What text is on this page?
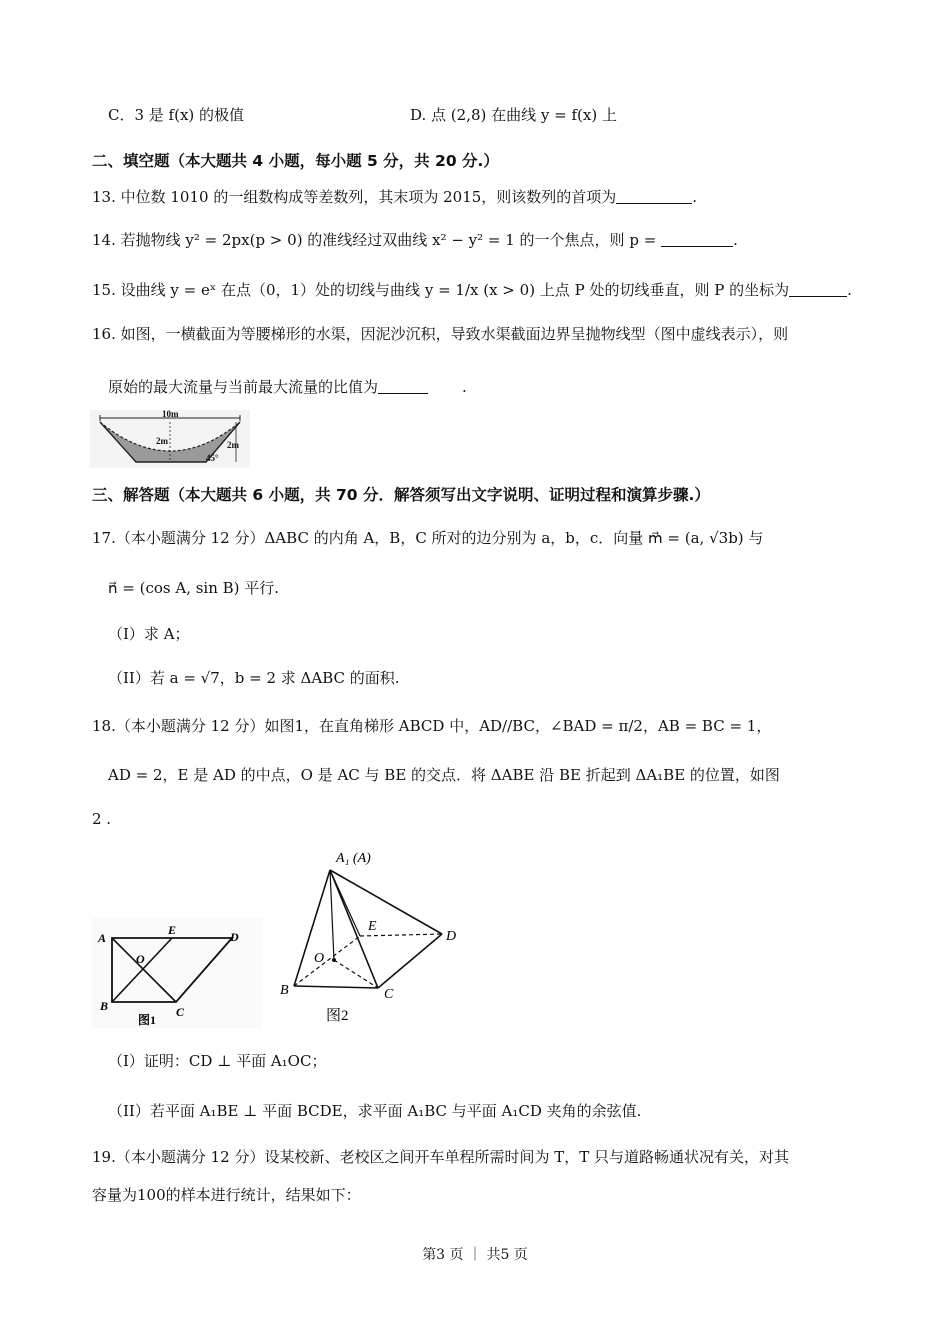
C．3 是 f(x) 的极值	D. 点 (2,8) 在曲线 y = f(x) 上
二、填空题（本大题共 4 小题，每小题 5 分，共 20 分.）
13. 中位数 1010 的一组数构成等差数列，其末项为 2015，则该数列的首项为	.
14. 若抛物线 y² = 2px(p > 0) 的准线经过双曲线 x² − y² = 1 的一个焦点，则 p =	.
15. 设曲线 y = eˣ 在点（0，1）处的切线与曲线 y = 1/x (x > 0) 上点 P 处的切线垂直，则 P 的坐标为	.
16. 如图，一横截面为等腰梯形的水渠，因泥沙沉积，导致水渠截面边界呈抛物线型（图中虚线表示），则
原始的最大流量与当前最大流量的比值为	.
10m
2m	2m
45°
三、解答题（本大题共 6 小题，共 70 分．解答须写出文字说明、证明过程和演算步骤.）
17.（本小题满分 12 分）ΔABC 的内角 A，B，C 所对的边分别为 a，b，c．向量 m⃗ = (a, √3b) 与
n⃗ = (cos A, sin B) 平行.
（I）求 A；
（II）若 a = √7，b = 2 求 ΔABC 的面积.
18.（本小题满分 12 分）如图1，在直角梯形 ABCD 中，AD//BC，∠BAD = π/2，AB = BC = 1，
AD = 2，E 是 AD 的中点，O 是 AC 与 BE 的交点．将 ΔABE 沿 BE 折起到 ΔA₁BE 的位置，如图
2 .
A
E	D
O
B	C
图1
A₁ (A)
E
D
O
B	C
图2
（I）证明：CD ⊥ 平面 A₁OC；
（II）若平面 A₁BE ⊥ 平面 BCDE，求平面 A₁BC 与平面 A₁CD 夹角的余弦值.
19.（本小题满分 12 分）设某校新、老校区之间开车单程所需时间为 T，T 只与道路畅通状况有关，对其
容量为100的样本进行统计，结果如下：
第3 页 ｜ 共5 页
